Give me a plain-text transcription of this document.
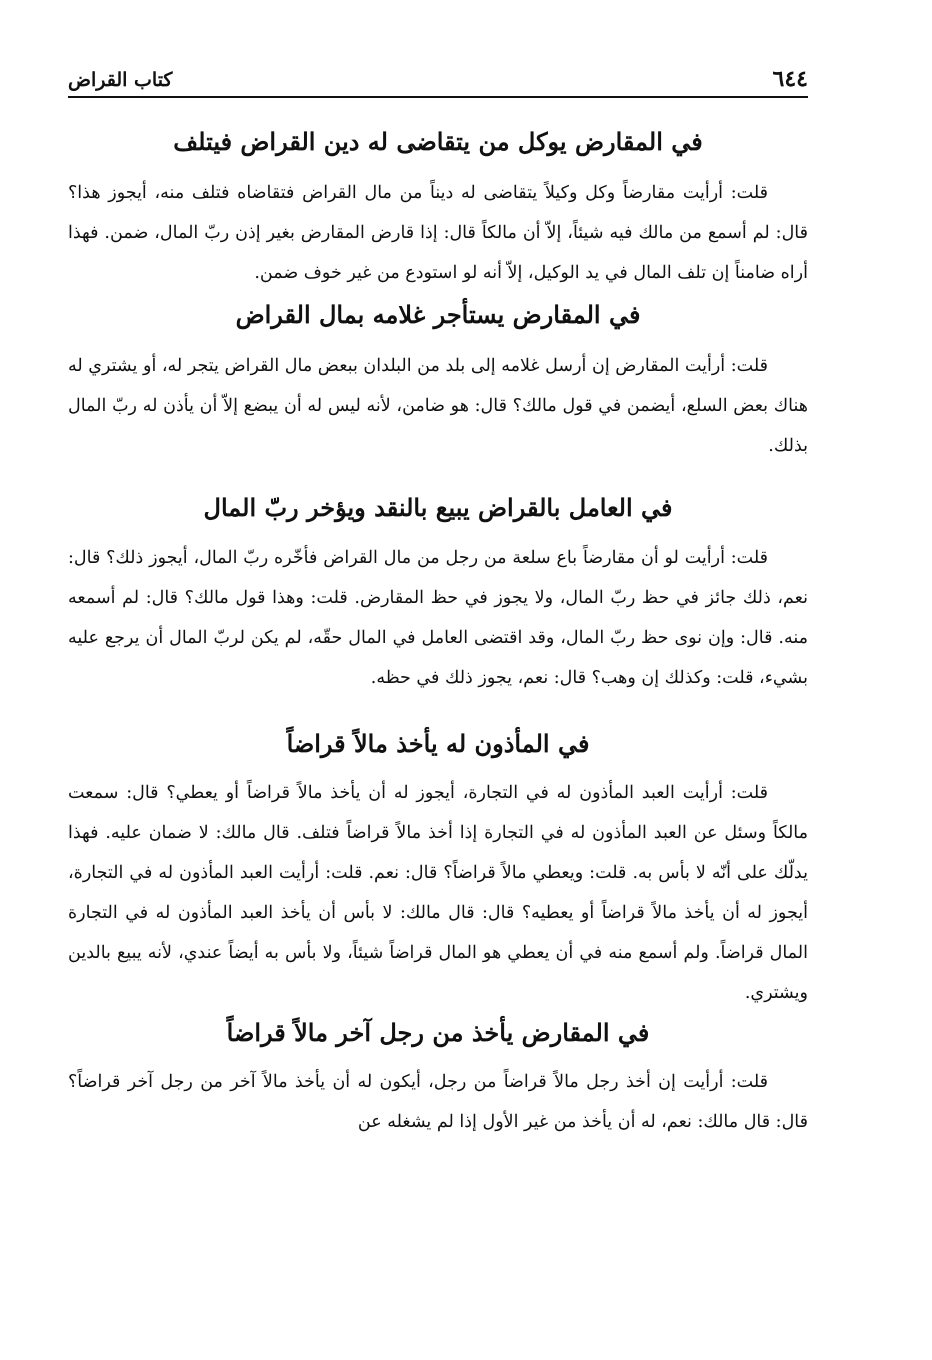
٦٤٤
كتاب القراض
في المقارض يوكل من يتقاضى له دين القراض فيتلف

قلت: أرأيت مقارضاً وكل وكيلاً يتقاضى له ديناً من مال القراض فتقاضاه فتلف منه، أيجوز هذا؟ قال: لم أسمع من مالك فيه شيئاً، إلاّ أن مالكاً قال: إذا قارض المقارض بغير إذن ربّ المال، ضمن. فهذا أراه ضامناً إن تلف المال في يد الوكيل، إلاّ أنه لو استودع من غير خوف ضمن.

في المقارض يستأجر غلامه بمال القراض

قلت: أرأيت المقارض إن أرسل غلامه إلى بلد من البلدان ببعض مال القراض يتجر له، أو يشتري له هناك بعض السلع، أيضمن في قول مالك؟ قال: هو ضامن، لأنه ليس له أن يبضع إلاّ أن يأذن له ربّ المال بذلك.

في العامل بالقراض يبيع بالنقد ويؤخر ربّ المال

قلت: أرأيت لو أن مقارضاً باع سلعة من رجل من مال القراض فأخّره ربّ المال، أيجوز ذلك؟ قال: نعم، ذلك جائز في حظ ربّ المال، ولا يجوز في حظ المقارض. قلت: وهذا قول مالك؟ قال: لم أسمعه منه. قال: وإن نوى حظ ربّ المال، وقد اقتضى العامل في المال حقّه، لم يكن لربّ المال أن يرجع عليه بشيء، قلت: وكذلك إن وهب؟ قال: نعم، يجوز ذلك في حظه.

في المأذون له يأخذ مالاً قراضاً

قلت: أرأيت العبد المأذون له في التجارة، أيجوز له أن يأخذ مالاً قراضاً أو يعطي؟ قال: سمعت مالكاً وسئل عن العبد المأذون له في التجارة إذا أخذ مالاً قراضاً فتلف. قال مالك: لا ضمان عليه. فهذا يدلّك على أنّه لا بأس به. قلت: ويعطي مالاً قراضاً؟ قال: نعم. قلت: أرأيت العبد المأذون له في التجارة، أيجوز له أن يأخذ مالاً قراضاً أو يعطيه؟ قال: قال مالك: لا بأس أن يأخذ العبد المأذون له في التجارة المال قراضاً. ولم أسمع منه في أن يعطي هو المال قراضاً شيئاً، ولا بأس به أيضاً عندي، لأنه يبيع بالدين ويشتري.

في المقارض يأخذ من رجل آخر مالاً قراضاً

قلت: أرأيت إن أخذ رجل مالاً قراضاً من رجل، أيكون له أن يأخذ مالاً آخر من رجل آخر قراضاً؟ قال: قال مالك: نعم، له أن يأخذ من غير الأول إذا لم يشغله عن
